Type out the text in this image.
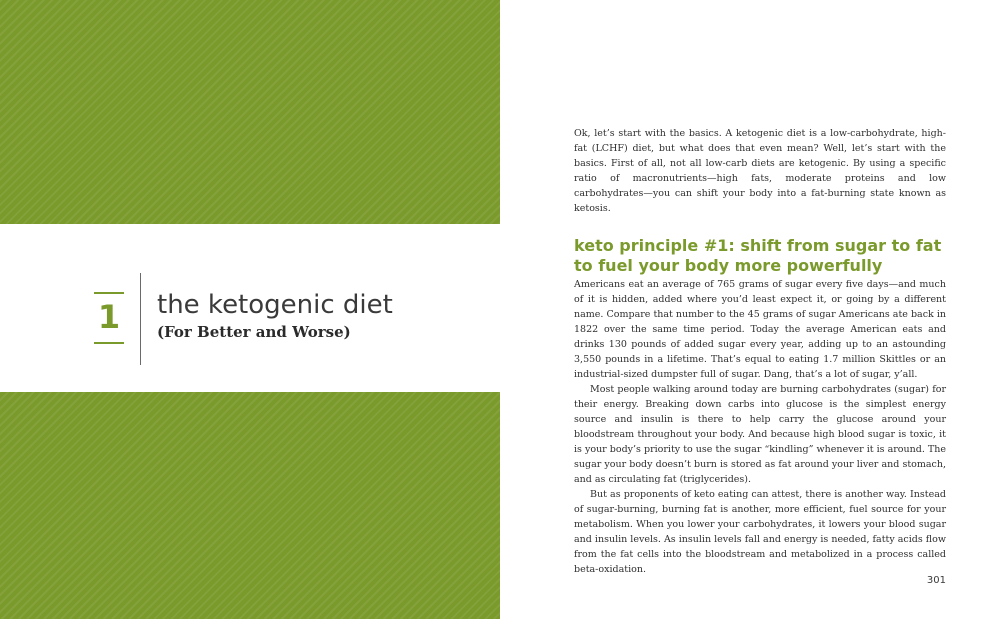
1 the ketogenic diet
(For Better and Worse)

Ok, let’s start with the basics. A ketogenic diet is a low-carbohydrate, high-fat (LCHF) diet, but what does that even mean? Well, let’s start with the basics. First of all, not all low-carb diets are ketogenic. By using a specific ratio of macronutrients—high fats, moderate proteins and low carbohydrates—you can shift your body into a fat-burning state known as ketosis.

keto principle #1: shift from sugar to fat to fuel your body more powerfully

Americans eat an average of 765 grams of sugar every five days—and much of it is hidden, added where you’d least expect it, or going by a different name. Compare that number to the 45 grams of sugar Americans ate back in 1822 over the same time period. Today the average American eats and drinks 130 pounds of added sugar every year, adding up to an astounding 3,550 pounds in a lifetime. That’s equal to eating 1.7 million Skittles or an industrial-sized dumpster full of sugar. Dang, that’s a lot of sugar, y’all.

Most people walking around today are burning carbohydrates (sugar) for their energy. Breaking down carbs into glucose is the simplest energy source and insulin is there to help carry the glucose around your bloodstream throughout your body. And because high blood sugar is toxic, it is your body’s priority to use the sugar “kindling” whenever it is around. The sugar your body doesn’t burn is stored as fat around your liver and stomach, and as circulating fat (triglycerides).

But as proponents of keto eating can attest, there is another way. Instead of sugar-burning, burning fat is another, more efficient, fuel source for your metabolism. When you lower your carbohydrates, it lowers your blood sugar and insulin levels. As insulin levels fall and energy is needed, fatty acids flow from the fat cells into the bloodstream and metabolized in a process called beta-oxidation.

301
